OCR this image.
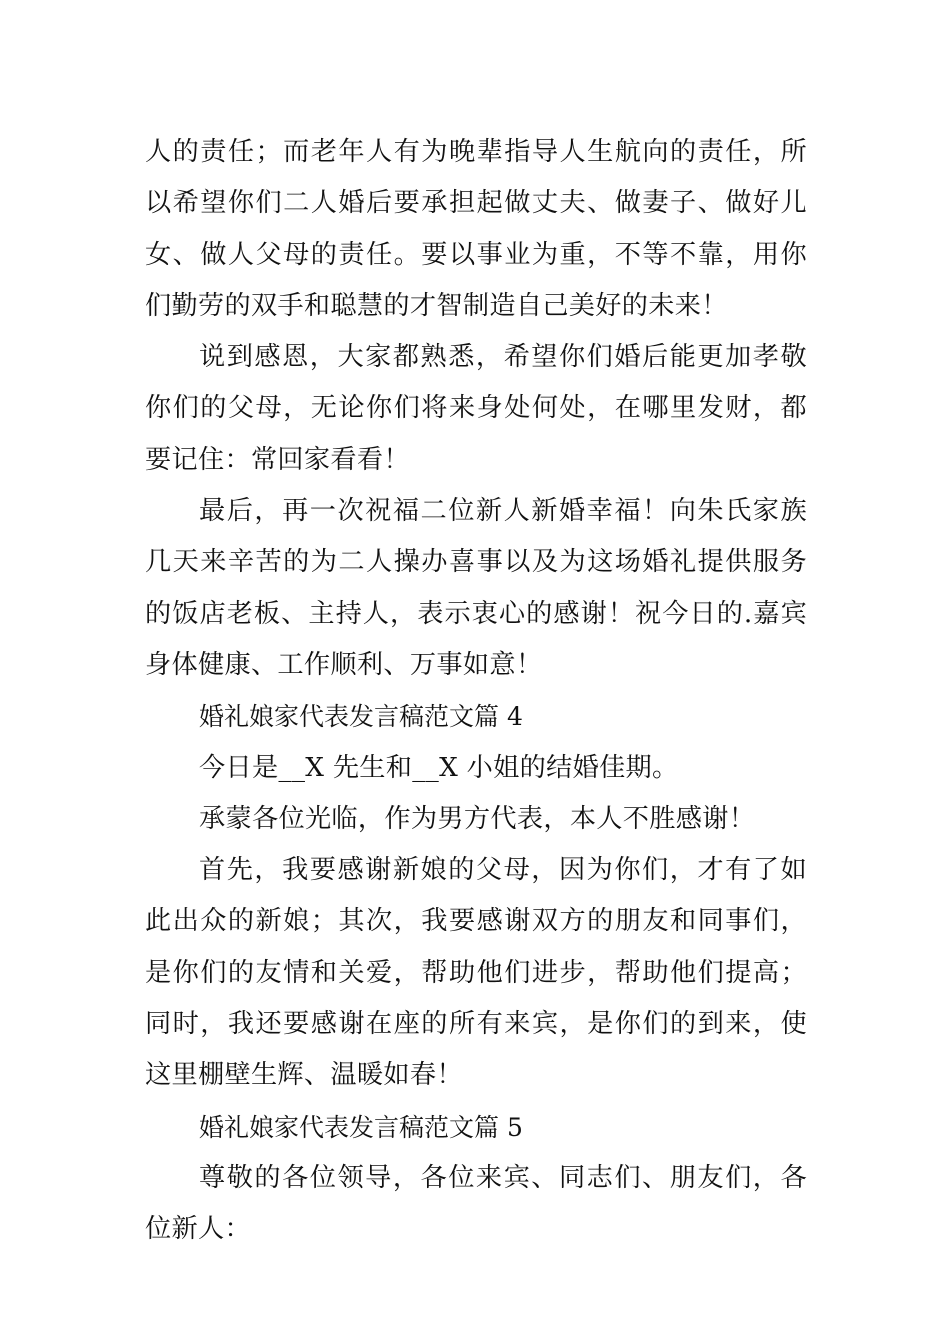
人的责任；而老年人有为晚辈指导人生航向的责任，所以希望你们二人婚后要承担起做丈夫、做妻子、做好儿女、做人父母的责任。要以事业为重，不等不靠，用你们勤劳的双手和聪慧的才智制造自己美好的未来！

说到感恩，大家都熟悉，希望你们婚后能更加孝敬你们的父母，无论你们将来身处何处，在哪里发财，都要记住：常回家看看！

最后，再一次祝福二位新人新婚幸福！向朱氏家族几天来辛苦的为二人操办喜事以及为这场婚礼提供服务的饭店老板、主持人，表示衷心的感谢！祝今日的.嘉宾身体健康、工作顺利、万事如意！

婚礼娘家代表发言稿范文篇 4

今日是__X 先生和__X 小姐的结婚佳期。

承蒙各位光临，作为男方代表，本人不胜感谢！

首先，我要感谢新娘的父母，因为你们，才有了如此出众的新娘；其次，我要感谢双方的朋友和同事们，是你们的友情和关爱，帮助他们进步，帮助他们提高；同时，我还要感谢在座的所有来宾，是你们的到来，使这里棚壁生辉、温暖如春！

婚礼娘家代表发言稿范文篇 5

尊敬的各位领导，各位来宾、同志们、朋友们，各位新人：
